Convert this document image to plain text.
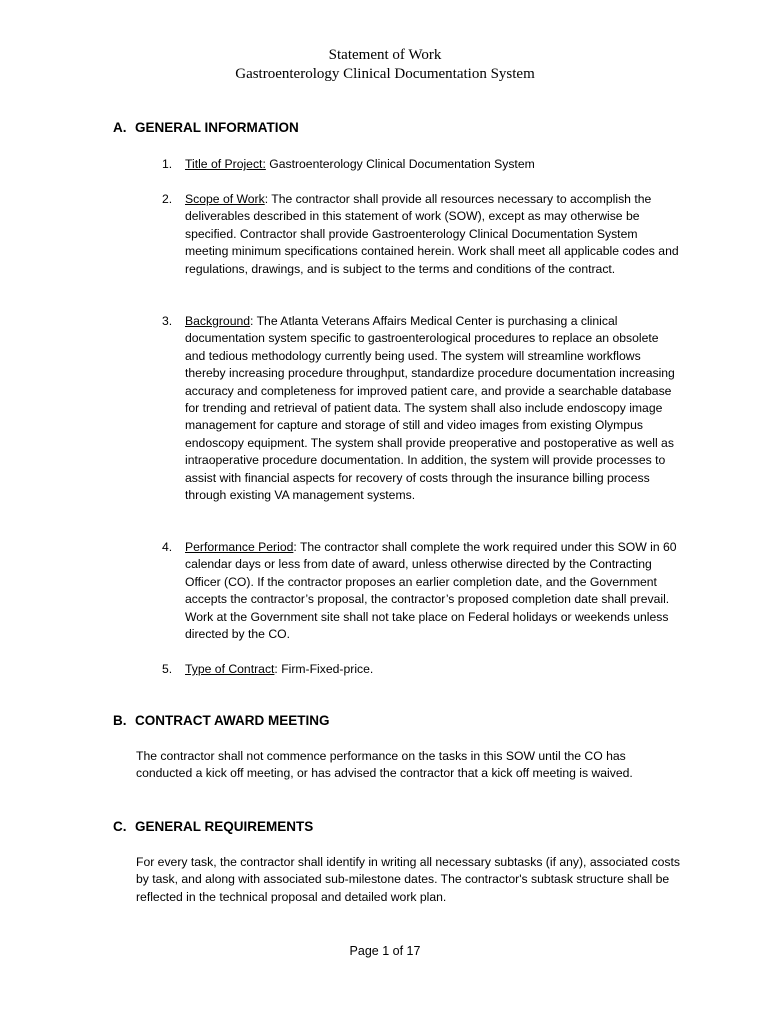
Statement of Work
Gastroenterology Clinical Documentation System
A. GENERAL INFORMATION
1.	Title of Project: Gastroenterology Clinical Documentation System
2.	Scope of Work: The contractor shall provide all resources necessary to accomplish the deliverables described in this statement of work (SOW), except as may otherwise be specified. Contractor shall provide Gastroenterology Clinical Documentation System meeting minimum specifications contained herein. Work shall meet all applicable codes and regulations, drawings, and is subject to the terms and conditions of the contract.
3.	Background: The Atlanta Veterans Affairs Medical Center is purchasing a clinical documentation system specific to gastroenterological procedures to replace an obsolete and tedious methodology currently being used. The system will streamline workflows thereby increasing procedure throughput, standardize procedure documentation increasing accuracy and completeness for improved patient care, and provide a searchable database for trending and retrieval of patient data. The system shall also include endoscopy image management for capture and storage of still and video images from existing Olympus endoscopy equipment. The system shall provide preoperative and postoperative as well as intraoperative procedure documentation. In addition, the system will provide processes to assist with financial aspects for recovery of costs through the insurance billing process through existing VA management systems.
4.	Performance Period: The contractor shall complete the work required under this SOW in 60 calendar days or less from date of award, unless otherwise directed by the Contracting Officer (CO). If the contractor proposes an earlier completion date, and the Government accepts the contractor’s proposal, the contractor’s proposed completion date shall prevail. Work at the Government site shall not take place on Federal holidays or weekends unless directed by the CO.
5.	Type of Contract: Firm-Fixed-price.
B. CONTRACT AWARD MEETING
The contractor shall not commence performance on the tasks in this SOW until the CO has conducted a kick off meeting, or has advised the contractor that a kick off meeting is waived.
C. GENERAL REQUIREMENTS
For every task, the contractor shall identify in writing all necessary subtasks (if any), associated costs by task, and along with associated sub-milestone dates. The contractor's subtask structure shall be reflected in the technical proposal and detailed work plan.
Page 1 of 17
